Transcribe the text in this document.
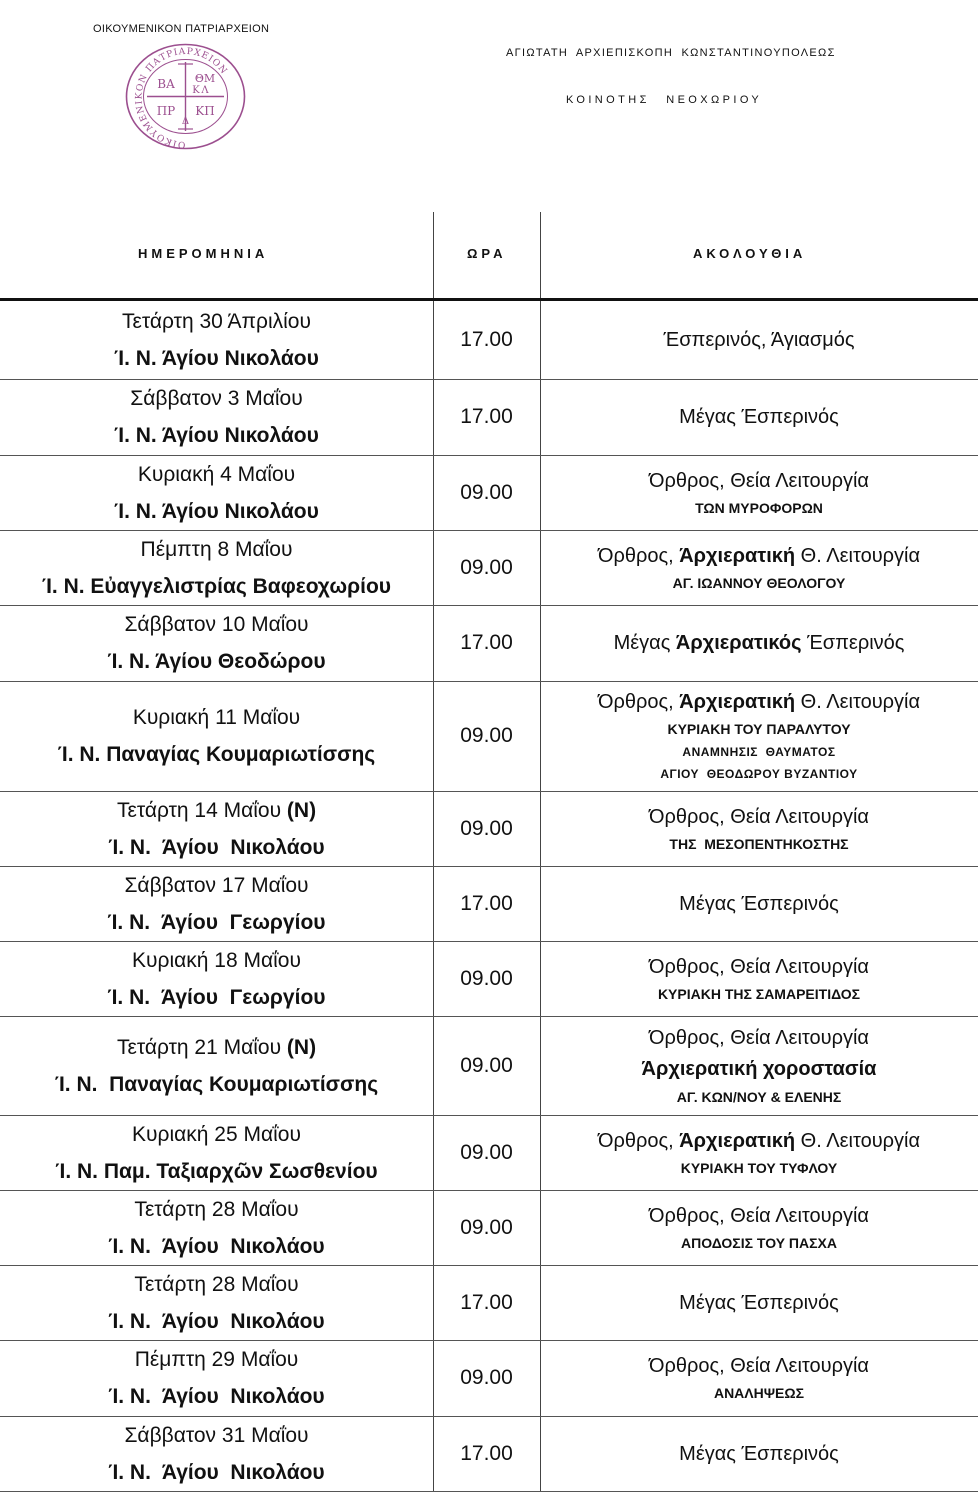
ΟΙΚΟΥΜΕΝΙΚΟΝ ΠΑΤΡΙΑΡΧΕΙΟΝ
ΟΙΚΟΥΜΕΝΙΚΟΝ ΠΑΤΡΙΑΡΧΕΙΟΝ
ΒΑ ΘΜ
Λ
Κ
ΠΡ
Δ
ΚΠ
ΑΓΙΩΤΑΤΗ ΑΡΧΙΕΠΙΣΚΟΠΗ ΚΩΝΣΤΑΝΤΙΝΟΥΠΟΛΕΩΣ
ΚΟΙΝΟΤΗΣ ΝΕΟΧΩΡΙΟΥ
ΗΜΕΡΟΜΗΝΙΑ	ΩΡΑ	ΑΚΟΛΟΥΘΙΑ
Τετάρτη 30 Άπριλίου
Ί. Ν. Άγίου Νικολάου
17.00	Έσπερινός, Άγιασμός
Σάββατον 3 Μαΐου
Ί. Ν. Άγίου Νικολάου
17.00	Μέγας Έσπερινός
Κυριακή 4 Μαΐου
Ί. Ν. Άγίου Νικολάου
09.00	Όρθρος, Θεία Λειτουργία
ΤΩΝ ΜΥΡΟΦΟΡΩΝ
Πέμπτη 8 Μαΐου
Ί. Ν. Εὐαγγελιστρίας Βαφεοχωρίου
09.00	Όρθρος, Άρχιερατική Θ. Λειτουργία
ΑΓ. ΙΩΑΝΝΟΥ ΘΕΟΛΟΓΟΥ
Σάββατον 10 Μαΐου
Ί. Ν. Άγίου Θεοδώρου
17.00	Μέγας Άρχιερατικός Έσπερινός
Κυριακή 11 Μαΐου
Ί. Ν. Παναγίας Κουμαριωτίσσης
09.00
Όρθρος, Άρχιερατική Θ. Λειτουργία
ΚΥΡΙΑΚΗ ΤΟΥ ΠΑΡΑΛΥΤΟΥ
ΑΝΑΜΝΗΣΙΣ  ΘΑΥΜΑΤΟΣ
ΑΓΙΟΥ  ΘΕΟΔΩΡΟΥ ΒΥΖΑΝΤΙΟΥ
Τετάρτη 14 Μαΐου (Ν)
Ί. Ν.  Άγίου  Νικολάου
09.00	Όρθρος, Θεία Λειτουργία
ΤΗΣ  ΜΕΣΟΠΕΝΤΗΚΟΣΤΗΣ
Σάββατον 17 Μαΐου
Ί. Ν.  Άγίου  Γεωργίου
17.00	Μέγας Έσπερινός
Κυριακή 18 Μαΐου
Ί. Ν.  Άγίου  Γεωργίου
09.00	Όρθρος, Θεία Λειτουργία
ΚΥΡΙΑΚΗ ΤΗΣ ΣΑΜΑΡΕΙΤΙΔΟΣ
Τετάρτη 21 Μαΐου (Ν)
Ί. Ν.  Παναγίας Κουμαριωτίσσης
09.00
Όρθρος, Θεία Λειτουργία
Άρχιερατική χοροστασία
ΑΓ. ΚΩΝ/ΝΟΥ & ΕΛΕΝΗΣ
Κυριακή 25 Μαΐου
Ί. Ν. Παμ. Ταξιαρχῶν Σωσθενίου
09.00	Όρθρος, Άρχιερατική Θ. Λειτουργία
ΚΥΡΙΑΚΗ ΤΟΥ ΤΥΦΛΟΥ
Τετάρτη 28 Μαΐου
Ί. Ν.  Άγίου  Νικολάου
09.00	Όρθρος, Θεία Λειτουργία
ΑΠΟΔΟΣΙΣ ΤΟΥ ΠΑΣΧΑ
Τετάρτη 28 Μαΐου
Ί. Ν.  Άγίου  Νικολάου
17.00	Μέγας Έσπερινός
Πέμπτη 29 Μαΐου
Ί. Ν.  Άγίου  Νικολάου
09.00	Όρθρος, Θεία Λειτουργία
ΑΝΑΛΗΨΕΩΣ
Σάββατον 31 Μαΐου
Ί. Ν.  Άγίου  Νικολάου
17.00	Μέγας Έσπερινός
